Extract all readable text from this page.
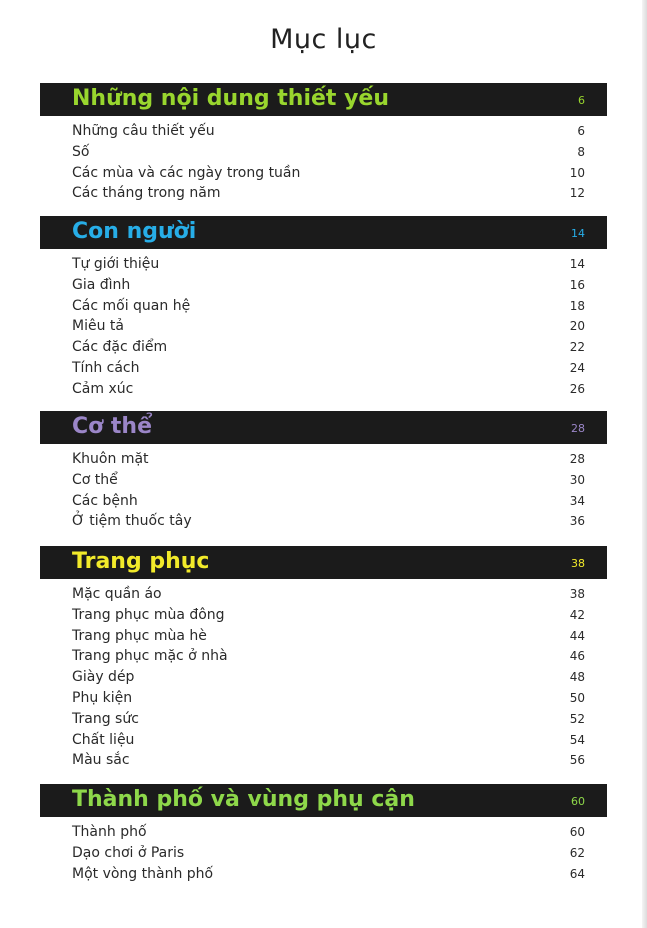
Mục lục
Những nội dung thiết yếu	6
Những câu thiết yếu	6
Số	8
Các mùa và các ngày trong tuần	10
Các tháng trong năm	12
Con người	14
Tự giới thiệu	14
Gia đình	16
Các mối quan hệ	18
Miêu tả	20
Các đặc điểm	22
Tính cách	24
Cảm xúc	26
Cơ thể	28
Khuôn mặt	28
Cơ thể	30
Các bệnh	34
Ở tiệm thuốc tây	36
Trang phục	38
Mặc quần áo	38
Trang phục mùa đông	42
Trang phục mùa hè	44
Trang phục mặc ở nhà	46
Giày dép	48
Phụ kiện	50
Trang sức	52
Chất liệu	54
Màu sắc	56
Thành phố và vùng phụ cận	60
Thành phố	60
Dạo chơi ở Paris	62
Một vòng thành phố	64
